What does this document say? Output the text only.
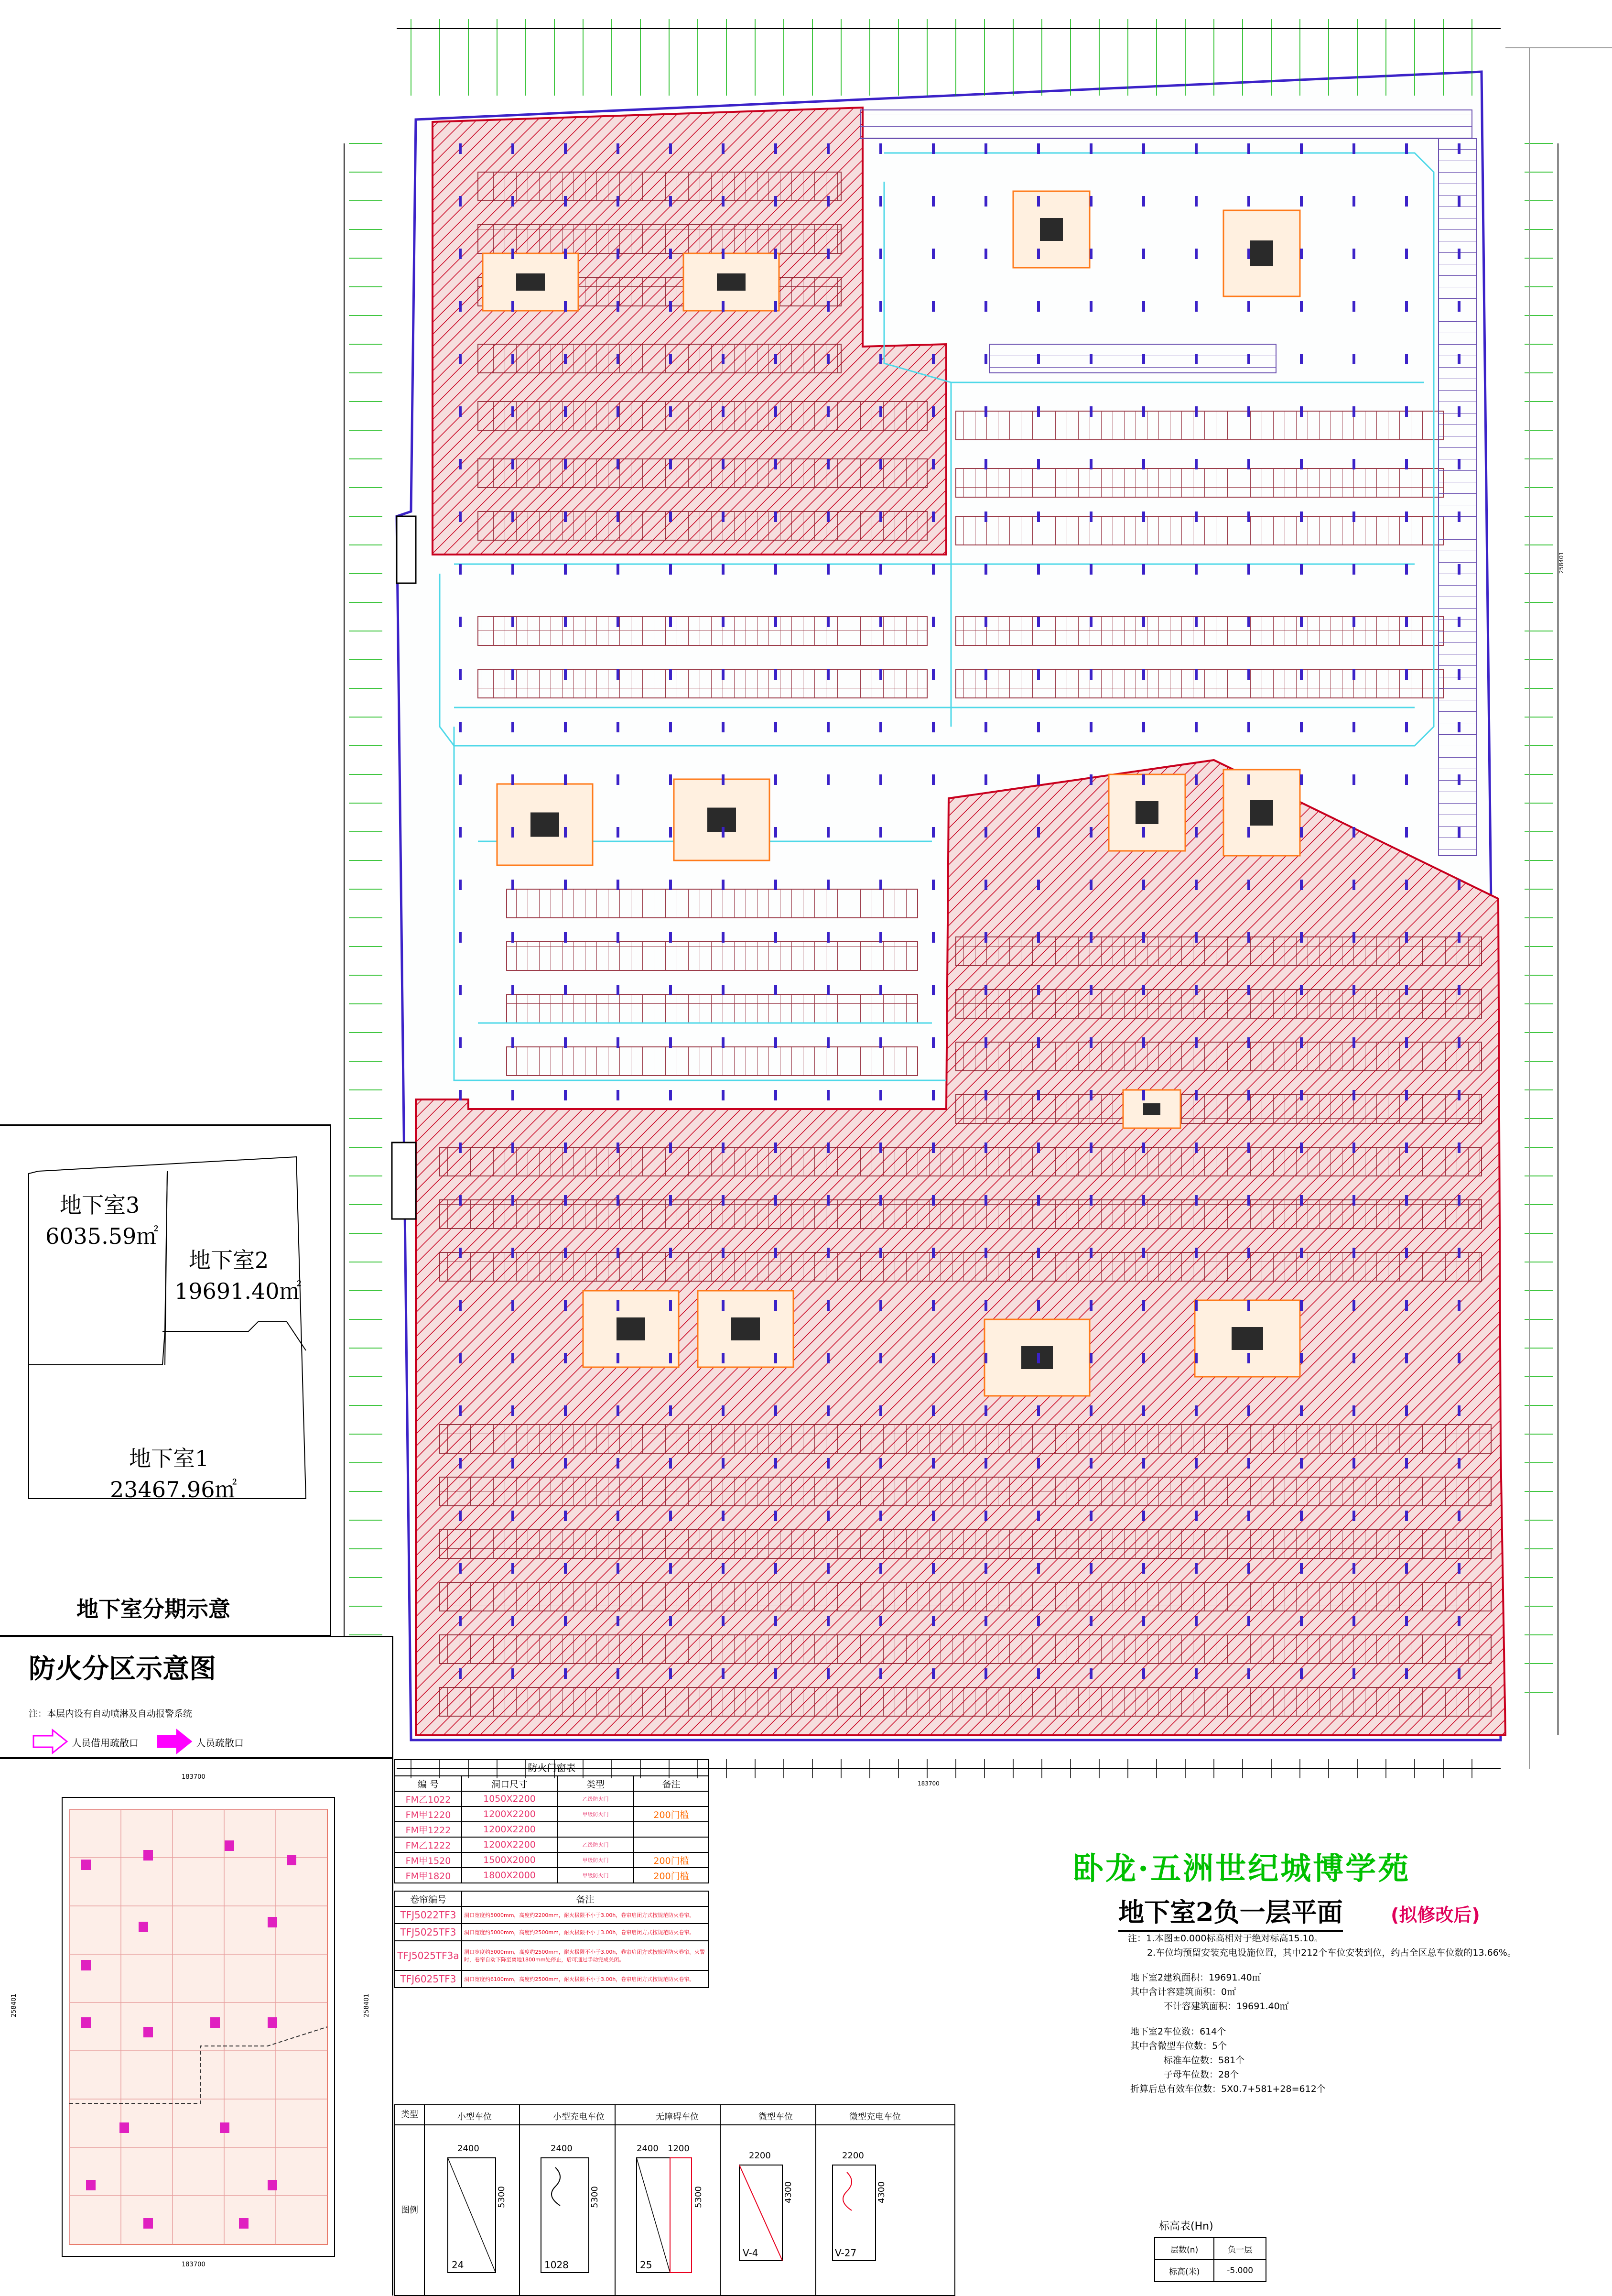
地下室3
6035.59㎡
地下室2
19691.40㎡
地下室1
23467.96㎡
地下室分期示意
防火分区示意图
注：本层内设有自动喷淋及自动报警系统
人员借用疏散口	人员疏散口
183700
183700
258401	258401
防火门窗表
编 号	洞口尺寸	类型	备注
FM乙1022	1050X2200	乙级防火门	
FM甲1220	1200X2200	甲级防火门	200门槛
FM甲1222	1200X2200		
FM乙1222	1200X2200	乙级防火门	
FM甲1520	1500X2000	甲级防火门	200门槛
FM甲1820	1800X2000	甲级防火门	200门槛
卷帘编号	备注
TFJ5022TF3	洞口宽度约5000mm，高度约2200mm，耐火极限不小于3.00h，卷帘启闭方式按规范防火卷帘。
TFJ5025TF3	洞口宽度约5000mm，高度约2500mm，耐火极限不小于3.00h，卷帘启闭方式按规范防火卷帘。
TFJ5025TF3a	洞口宽度约5000mm，高度约2500mm，耐火极限不小于3.00h，卷帘启闭方式按规范防火卷帘。火警时，卷帘自动下降至离地1800mm处停止，后可通过手动完成关闭。
TFJ6025TF3	洞口宽度约6100mm，高度约2500mm，耐火极限不小于3.00h，卷帘启闭方式按规范防火卷帘。
类型
图例
小型车位	小型充电车位	无障碍车位	微型车位	微型充电车位
2400
5300
24
2400
5300
1028
2400 1200
5300
25
2200
4300
V-4
2200
4300
V-27
卧龙·五洲世纪城博学苑
地下室2负一层平面	(拟修改后)
注：1.本图±0.000标高相对于绝对标高15.10。
2.车位均预留安装充电设施位置，其中212个车位安装到位，约占全区总车位数的13.66%。
地下室2建筑面积：19691.40㎡
其中含计容建筑面积：0㎡
不计容建筑面积：19691.40㎡
地下室2车位数：614个
其中含微型车位数：5个
标准车位数：581个
子母车位数：28个
折算后总有效车位数：5X0.7+581+28=612个
标高表(Hn)
层数(n)	负一层
标高(米)	-5.000
183700
258401
